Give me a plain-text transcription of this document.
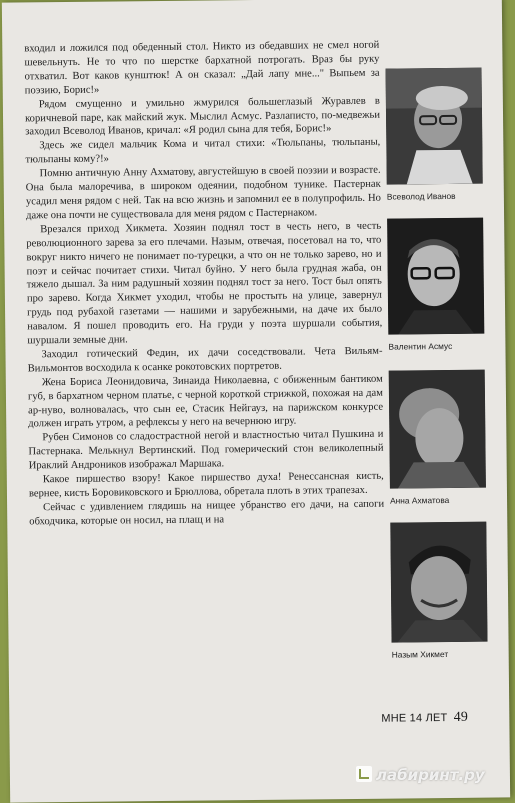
входил и ложился под обеденный стол. Никто из обедавших не смел ногой шевельнуть. Не то что по шерстке бархатной потрогать. Враз бы руку отхватил. Вот каков кунштюк! А он сказал: „Дай лапу мне..." Выпьем за поэзию, Борис!»

Рядом смущенно и умильно жмурился большеглазый Журавлев в коричневой паре, как майский жук. Мыслил Асмус. Разлаписто, по-медвежьи заходил Всеволод Иванов, кричал: «Я родил сына для тебя, Борис!»

Здесь же сидел мальчик Кома и читал стихи: «Тюльпаны, тюльпаны, тюльпаны кому?!»

Помню античную Анну Ахматову, августейшую в своей поэзии и возрасте. Она была малоречива, в широком одеянии, подобном тунике. Пастернак усадил меня рядом с ней. Так на всю жизнь и запомнил ее в полупрофиль. Но даже она почти не существовала для меня рядом с Пастернаком.

Врезался приход Хикмета. Хозяин поднял тост в честь него, в честь революционного зарева за его плечами. Назым, отвечая, посетовал на то, что вокруг никто ничего не понимает по-турецки, а что он не только зарево, но и поэт и сейчас почитает стихи. Читал буйно. У него была грудная жаба, он тяжело дышал. За ним радушный хозяин поднял тост за него. Тост был опять про зарево. Когда Хикмет уходил, чтобы не простыть на улице, завернул грудь под рубахой газетами — нашими и зарубежными, на даче их было навалом. Я пошел проводить его. На груди у поэта шуршали события, шуршали земные дни.

Заходил готический Федин, их дачи соседствовали. Чета Вильям-Вильмонтов восходила к осанке рокотовских портретов.

Жена Бориса Леонидовича, Зинаида Николаевна, с обиженным бантиком губ, в бархатном черном платье, с черной короткой стрижкой, похожая на дам ар-нуво, волновалась, что сын ее, Стасик Нейгауз, на парижском конкурсе должен играть утром, а рефлексы у него на вечернюю игру.

Рубен Симонов со сладострастной негой и властностью читал Пушкина и Пастернака. Мелькнул Вертинский. Под гомерический стон великолепный Ираклий Андроников изображал Маршака.

Какое пиршество взору! Какое пиршество духа! Ренессансная кисть, вернее, кисть Боровиковского и Брюллова, обретала плоть в этих трапезах.

Сейчас с удивлением глядишь на нищее убранство его дачи, на сапоги обходчика, которые он носил, на плащ и на

Всеволод Иванов
Валентин Асмус
Анна Ахматова
Назым Хикмет
МНЕ 14 ЛЕТ 49
лабиринт.ру
